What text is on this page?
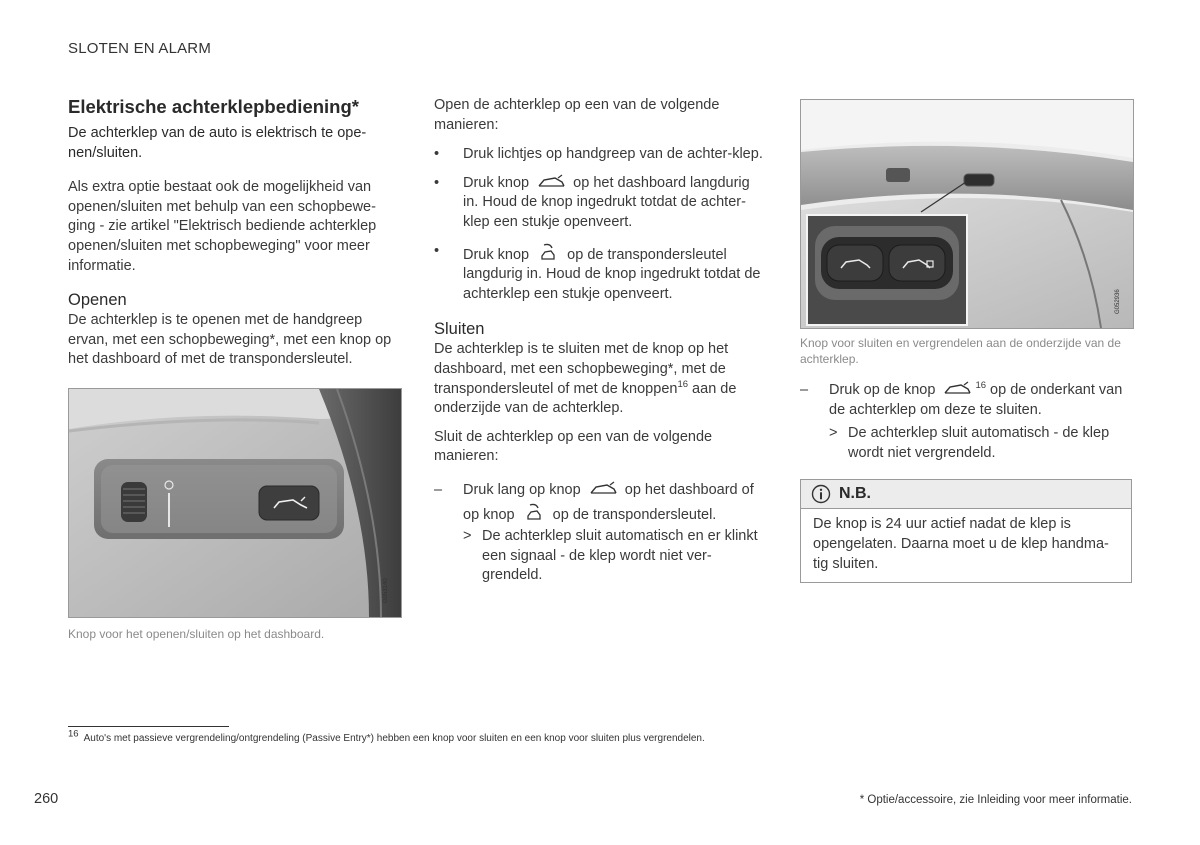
SLOTEN EN ALARM
Elektrische achterklepbediening*

De achterklep van de auto is elektrisch te ope-nen/sluiten.

Als extra optie bestaat ook de mogelijkheid van openen/sluiten met behulp van een schopbewe-ging - zie artikel "Elektrisch bediende achterklep openen/sluiten met schopbeweging" voor meer informatie.

Openen

De achterklep is te openen met de handgreep ervan, met een schopbeweging*, met een knop op het dashboard of met de transpondersleutel.

G053140
Knop voor het openen/sluiten op het dashboard.

Open de achterklep op een van de volgende manieren:

•	Druk lichtjes op handgreep van de achter-klep.
•	Druk knop	op het dashboard langdurig in. Houd de knop ingedrukt totdat de achter-klep een stukje openveert.
•	Druk knop	op de transpondersleutel langdurig in. Houd de knop ingedrukt totdat de achterklep een stukje openveert.
Sluiten

De achterklep is te sluiten met de knop op het dashboard, met een schopbeweging*, met de transpondersleutel of met de knoppen$^{16}$ aan de onderzijde van de achterklep.

Sluit de achterklep op een van de volgende manieren:

–	Druk lang op knop	op het dashboard of op knop	op de transpondersleutel.
> De achterklep sluit automatisch en er klinkt een signaal - de klep wordt niet ver-grendeld.
G052936
Knop voor sluiten en vergrendelen aan de onderzijde van de achterklep.
–	Druk op de knop	$^{16}$ op de onderkant van de achterklep om deze te sluiten.
> De achterklep sluit automatisch - de klep wordt niet vergrendeld.
N.B.
De knop is 24 uur actief nadat de klep is opengelaten. Daarna moet u de klep handma-tig sluiten.
$^{16}$ Auto's met passieve vergrendeling/ontgrendeling (Passive Entry*) hebben een knop voor sluiten en een knop voor sluiten plus vergrendelen.
260	* Optie/accessoire, zie Inleiding voor meer informatie.
